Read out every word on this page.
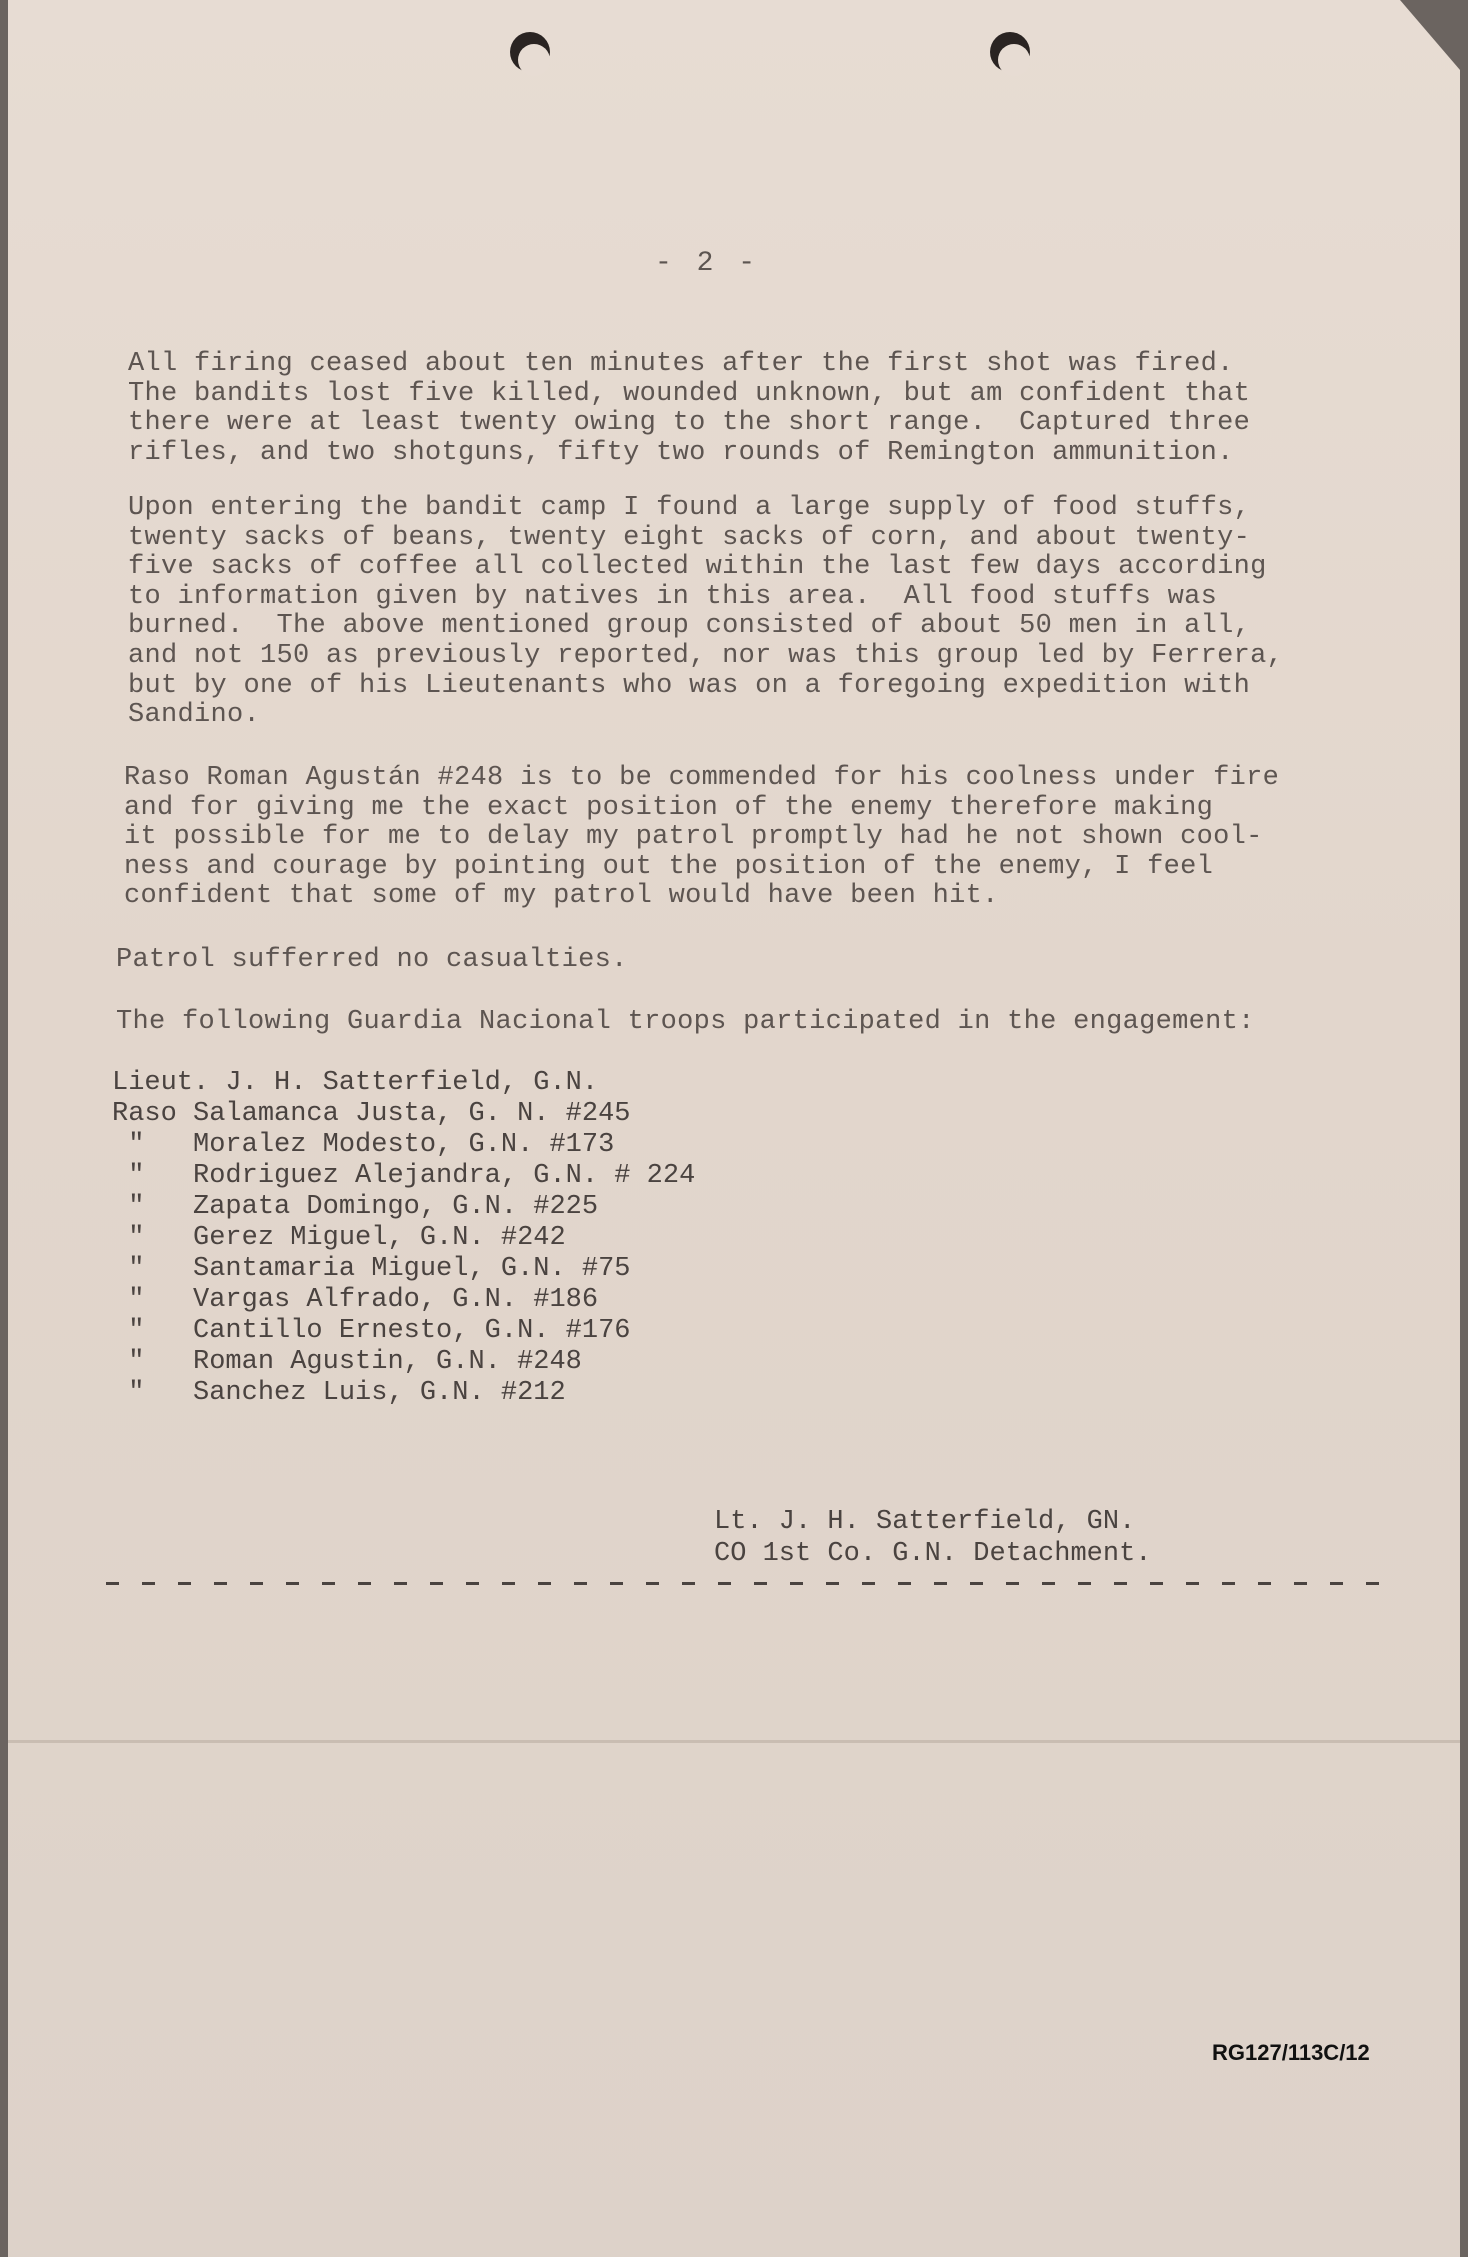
- 2 -

All firing ceased about ten minutes after the first shot was fired.
The bandits lost five killed, wounded unknown, but am confident that
there were at least twenty owing to the short range.  Captured three
rifles, and two shotguns, fifty two rounds of Remington ammunition.

Upon entering the bandit camp I found a large supply of food stuffs,
twenty sacks of beans, twenty eight sacks of corn, and about twenty-
five sacks of coffee all collected within the last few days according
to information given by natives in this area.  All food stuffs was
burned.  The above mentioned group consisted of about 50 men in all,
and not 150 as previously reported, nor was this group led by Ferrera,
but by one of his Lieutenants who was on a foregoing expedition with
Sandino.

Raso Roman Agustán #248 is to be commended for his coolness under fire
and for giving me the exact position of the enemy therefore making
it possible for me to delay my patrol promptly had he not shown cool-
ness and courage by pointing out the position of the enemy, I feel
confident that some of my patrol would have been hit.

Patrol sufferred no casualties.

The following Guardia Nacional troops participated in the engagement:

Lieut. J. H. Satterfield, G.N.
Raso Salamanca Justa, G. N. #245
"   Moralez Modesto, G.N. #173
"   Rodriguez Alejandra, G.N. # 224
"   Zapata Domingo, G.N. #225
"   Gerez Miguel, G.N. #242
"   Santamaria Miguel, G.N. #75
"   Vargas Alfrado, G.N. #186
"   Cantillo Ernesto, G.N. #176
"   Roman Agustin, G.N. #248
"   Sanchez Luis, G.N. #212

Lt. J. H. Satterfield, GN.
CO 1st Co. G.N. Detachment.

RG127/113C/12
